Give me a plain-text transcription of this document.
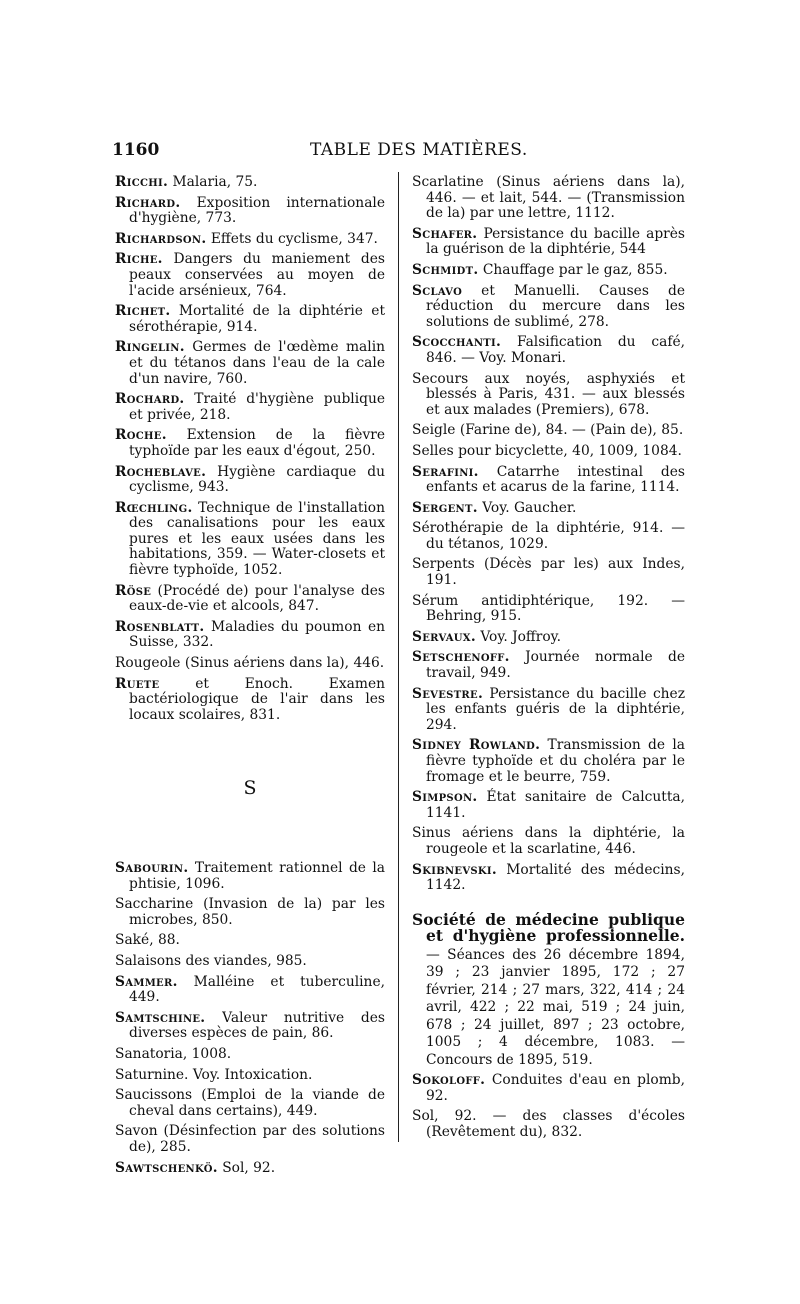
1160	TABLE DES MATIÈRES.
Ricchi. Malaria, 75.
Richard. Exposition internationale d'hygiène, 773.
Richardson. Effets du cyclisme, 347.
Riche. Dangers du maniement des peaux conservées au moyen de l'acide arsénieux, 764.
Richet. Mortalité de la diphtérie et sérothérapie, 914.
Ringelin. Germes de l'œdème malin et du tétanos dans l'eau de la cale d'un navire, 760.
Rochard. Traité d'hygiène publique et privée, 218.
Roche. Extension de la fièvre typhoïde par les eaux d'égout, 250.
Rocheblave. Hygiène cardiaque du cyclisme, 943.
Rœchling. Technique de l'installation des canalisations pour les eaux pures et les eaux usées dans les habitations, 359. — Water-closets et fièvre typhoïde, 1052.
Röse (Procédé de) pour l'analyse des eaux-de-vie et alcools, 847.
Rosenblatt. Maladies du poumon en Suisse, 332.
Rougeole (Sinus aériens dans la), 446.
Ruete et Enoch. Examen bactériologique de l'air dans les locaux scolaires, 831.
S
Sabourin. Traitement rationnel de la phtisie, 1096.
Saccharine (Invasion de la) par les microbes, 850.
Saké, 88.
Salaisons des viandes, 985.
Sammer. Malléine et tuberculine, 449.
Samtschine. Valeur nutritive des diverses espèces de pain, 86.
Sanatoria, 1008.
Saturnine. Voy. Intoxication.
Saucissons (Emploi de la viande de cheval dans certains), 449.
Savon (Désinfection par des solutions de), 285.
Sawtschenkö. Sol, 92.
Scarlatine (Sinus aériens dans la), 446. — et lait, 544. — (Transmission de la) par une lettre, 1112.
Schafer. Persistance du bacille après la guérison de la diphtérie, 544
Schmidt. Chauffage par le gaz, 855.
Sclavo et Manuelli. Causes de réduction du mercure dans les solutions de sublimé, 278.
Scocchanti. Falsification du café, 846. — Voy. Monari.
Secours aux noyés, asphyxiés et blessés à Paris, 431. — aux blessés et aux malades (Premiers), 678.
Seigle (Farine de), 84. — (Pain de), 85.
Selles pour bicyclette, 40, 1009, 1084.
Serafini. Catarrhe intestinal des enfants et acarus de la farine, 1114.
Sergent. Voy. Gaucher.
Sérothérapie de la diphtérie, 914. — du tétanos, 1029.
Serpents (Décès par les) aux Indes, 191.
Sérum antidiphtérique, 192. — Behring, 915.
Servaux. Voy. Joffroy.
Setschenoff. Journée normale de travail, 949.
Sevestre. Persistance du bacille chez les enfants guéris de la diphtérie, 294.
Sidney Rowland. Transmission de la fièvre typhoïde et du choléra par le fromage et le beurre, 759.
Simpson. État sanitaire de Calcutta, 1141.
Sinus aériens dans la diphtérie, la rougeole et la scarlatine, 446.
Skibnevski. Mortalité des médecins, 1142.
Société de médecine publique et d'hygiène professionnelle. — Séances des 26 décembre 1894, 39 ; 23 janvier 1895, 172 ; 27 février, 214 ; 27 mars, 322, 414 ; 24 avril, 422 ; 22 mai, 519 ; 24 juin, 678 ; 24 juillet, 897 ; 23 octobre, 1005 ; 4 décembre, 1083. — Concours de 1895, 519.
Sokoloff. Conduites d'eau en plomb, 92.
Sol, 92. — des classes d'écoles (Revêtement du), 832.
